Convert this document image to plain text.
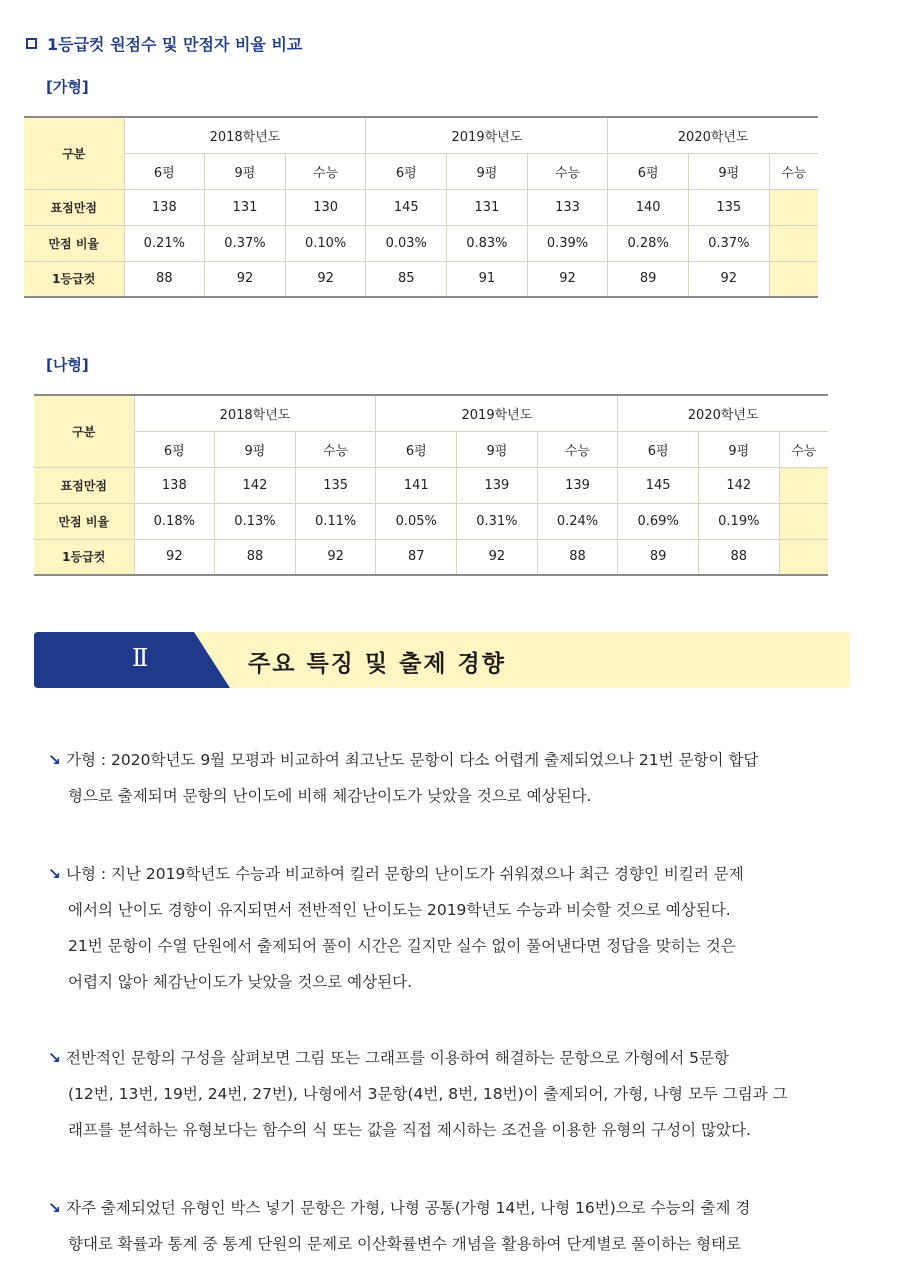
1등급컷 원점수 및 만점자 비율 비교
[가형]
구분	2018학년도			2019학년도			2020학년도		
	6평	9평	수능	6평	9평	수능	6평	9평	수능
표점만점	138	131	130	145	131	133	140	135	
만점 비율	0.21%	0.37%	0.10%	0.03%	0.83%	0.39%	0.28%	0.37%	
1등급컷	88	92	92	85	91	92	89	92	
[나형]
구분	2018학년도			2019학년도			2020학년도		
	6평	9평	수능	6평	9평	수능	6평	9평	수능
표점만점	138	142	135	141	139	139	145	142	
만점 비율	0.18%	0.13%	0.11%	0.05%	0.31%	0.24%	0.69%	0.19%	
1등급컷	92	88	92	87	92	88	89	88	
Ⅱ	주요 특징 및 출제 경향
↘ 가형 : 2020학년도 9월 모평과 비교하여 최고난도 문항이 다소 어렵게 출제되었으나 21번 문항이 합답
형으로 출제되며 문항의 난이도에 비해 체감난이도가 낮았을 것으로 예상된다.
↘ 나형 : 지난 2019학년도 수능과 비교하여 킬러 문항의 난이도가 쉬워졌으나 최근 경향인 비킬러 문제
에서의 난이도 경향이 유지되면서 전반적인 난이도는 2019학년도 수능과 비슷할 것으로 예상된다.
21번 문항이 수열 단원에서 출제되어 풀이 시간은 길지만 실수 없이 풀어낸다면 정답을 맞히는 것은
어렵지 않아 체감난이도가 낮았을 것으로 예상된다.
↘ 전반적인 문항의 구성을 살펴보면 그림 또는 그래프를 이용하여 해결하는 문항으로 가형에서 5문항
(12번, 13번, 19번, 24번, 27번), 나형에서 3문항(4번, 8번, 18번)이 출제되어, 가형, 나형 모두 그림과 그
래프를 분석하는 유형보다는 함수의 식 또는 값을 직접 제시하는 조건을 이용한 유형의 구성이 많았다.
↘ 자주 출제되었던 유형인 박스 넣기 문항은 가형, 나형 공통(가형 14번, 나형 16번)으로 수능의 출제 경
향대로 확률과 통계 중 통계 단원의 문제로 이산확률변수 개념을 활용하여 단계별로 풀이하는 형태로
